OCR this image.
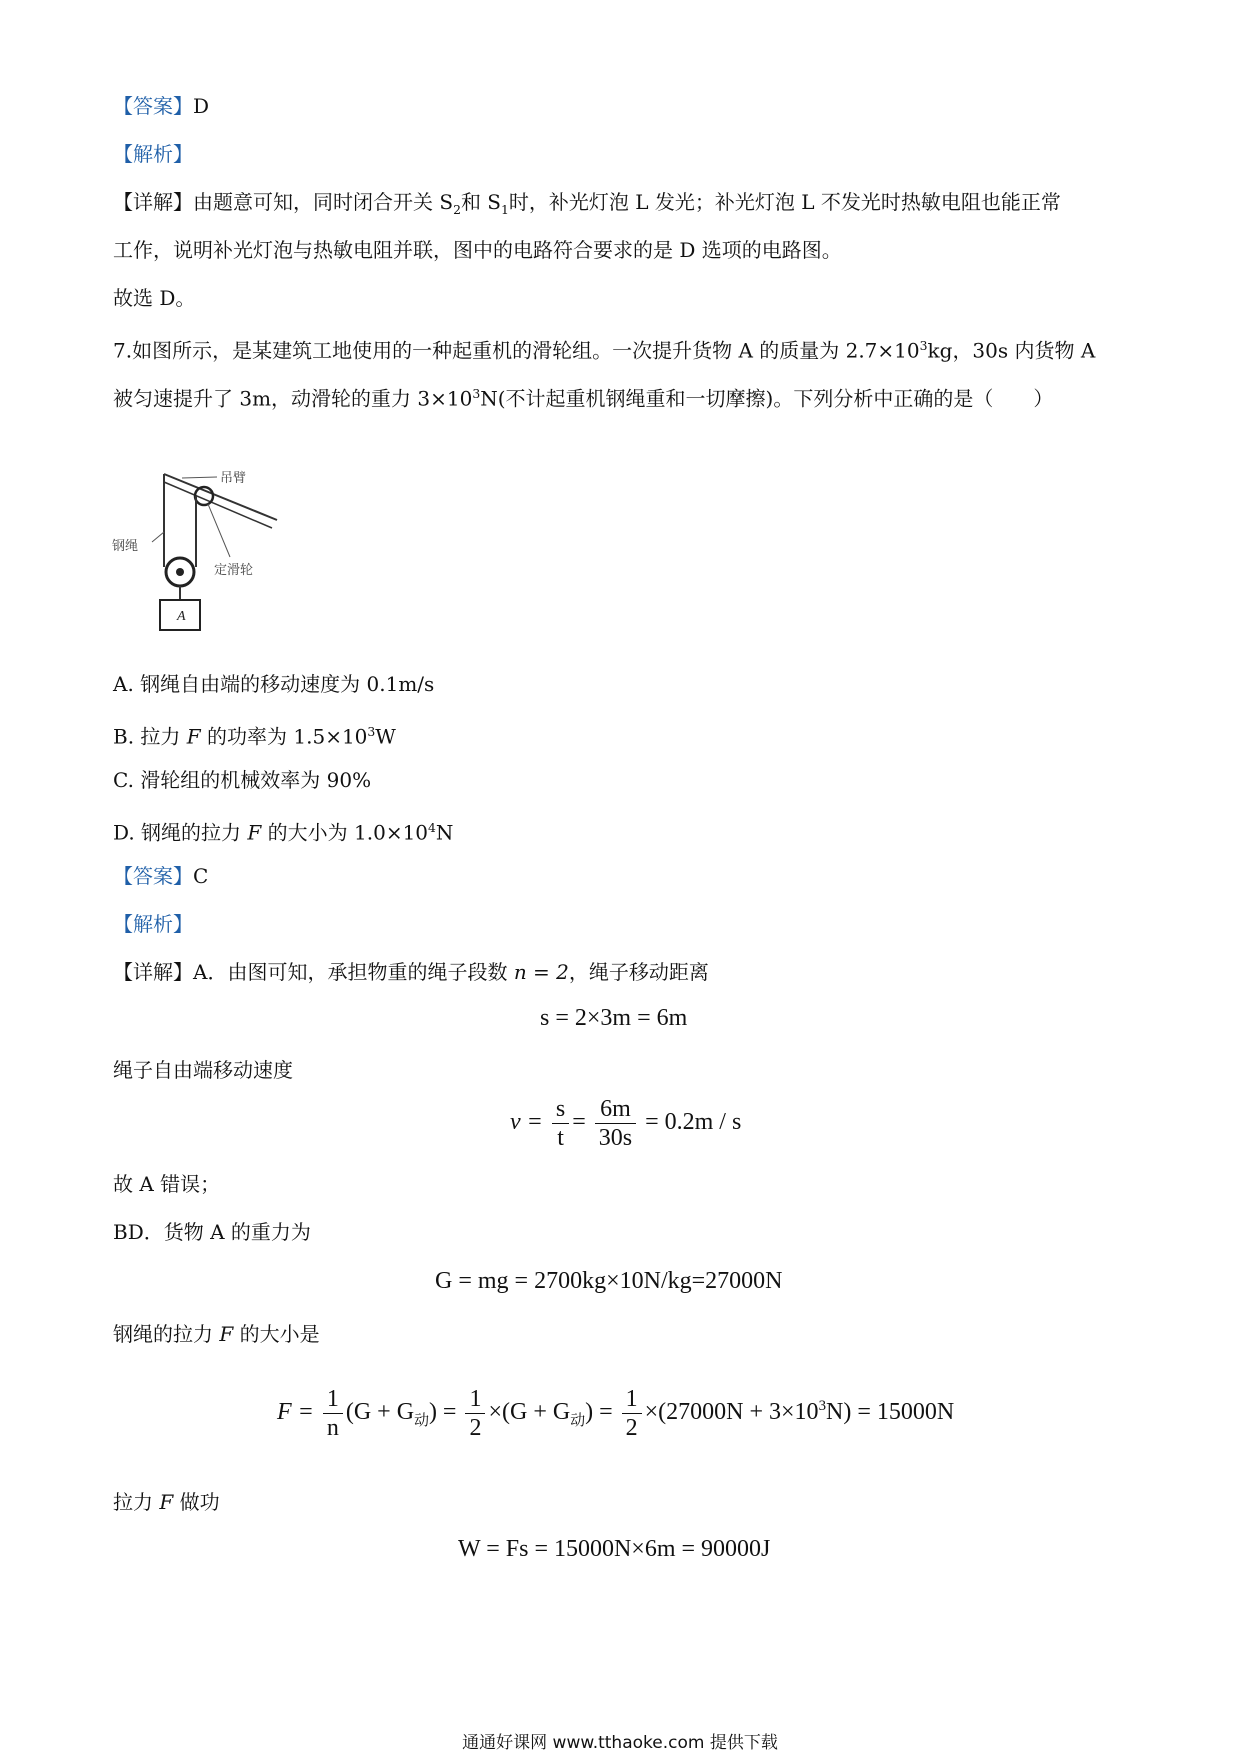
【答案】D
【解析】
【详解】由题意可知，同时闭合开关 $S_2$和 $S_1$时，补光灯泡 L 发光；补光灯泡 L 不发光时热敏电阻也能正常
工作，说明补光灯泡与热敏电阻并联，图中的电路符合要求的是 D 选项的电路图。
故选 D。
7.如图所示，是某建筑工地使用的一种起重机的滑轮组。一次提升货物 A 的质量为 $2.7\times 10^3kg$，30s 内货物 A
被匀速提升了 3m，动滑轮的重力 $3\times 10^3N$(不计起重机钢绳重和一切摩擦)。下列分析中正确的是（　　）
A
吊臂
钢绳
定滑轮
A. 钢绳自由端的移动速度为 0.1m/s
B. 拉力 F 的功率为 $1.5\times 10^3W$
C. 滑轮组的机械效率为 90%
D. 钢绳的拉力 F 的大小为 $1.0\times 10^4N$
【答案】C
【解析】
【详解】A．由图可知，承担物重的绳子段数 n = 2，绳子移动距离
s = 2×3m = 6m
绳子自由端移动速度
$v = \frac{s}{t} = \frac{6m}{30s} = 0.2m / s$
故 A 错误；
BD．货物 A 的重力为
G = mg = 2700kg×10N/kg=27000N
钢绳的拉力 F 的大小是
$F = \frac{1}{n} (G + G_动) = \frac{1}{2} \times(G + G_动) = \frac{1}{2} \times(27000N + 3\times 10^3N) = 15000N$
拉力 F 做功
W = Fs = 15000N×6m = 90000J
通通好课网 www.tthaoke.com 提供下载
